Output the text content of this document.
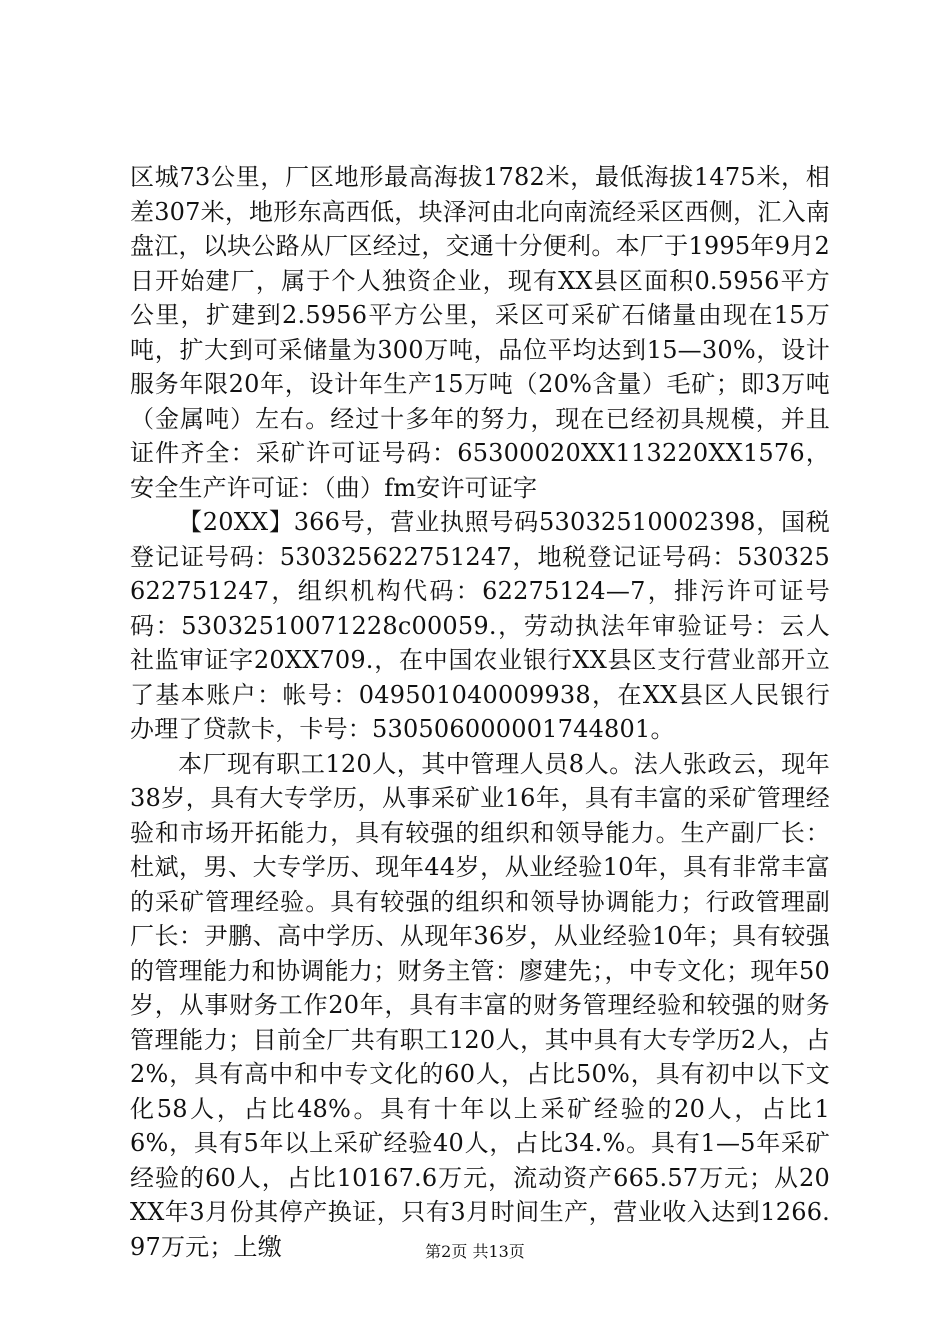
区城73公里，厂区地形最高海拔1782米，最低海拔1475米，相差307米，地形东高西低，块泽河由北向南流经采区西侧，汇入南盘江，以块公路从厂区经过，交通十分便利。本厂于1995年9月2日开始建厂，属于个人独资企业，现有XX县区面积0.5956平方公里，扩建到2.5956平方公里，采区可采矿石储量由现在15万吨，扩大到可采储量为300万吨，品位平均达到15—30%，设计服务年限20年，设计年生产15万吨（20%含量）毛矿；即3万吨（金属吨）左右。经过十多年的努力，现在已经初具规模，并且证件齐全：采矿许可证号码：65300020XX113220XX1576，安全生产许可证：（曲）fm安许可证字

【20XX】366号，营业执照号码53032510002398，国税登记证号码：530325622751247，地税登记证号码：530325622751247，组织机构代码：62275124—7，排污许可证号码：53032510071228c00059.，劳动执法年审验证号：云人社监审证字20XX709.，在中国农业银行XX县区支行营业部开立了基本账户：帐号：049501040009938，在XX县区人民银行办理了贷款卡，卡号：530506000001744801。

本厂现有职工120人，其中管理人员8人。法人张政云，现年38岁，具有大专学历，从事采矿业16年，具有丰富的采矿管理经验和市场开拓能力，具有较强的组织和领导能力。生产副厂长：杜斌，男、大专学历、现年44岁，从业经验10年，具有非常丰富的采矿管理经验。具有较强的组织和领导协调能力；行政管理副厂长：尹鹏、高中学历、从现年36岁，从业经验10年；具有较强的管理能力和协调能力；财务主管：廖建先；，中专文化；现年50岁，从事财务工作20年，具有丰富的财务管理经验和较强的财务管理能力；目前全厂共有职工120人，其中具有大专学历2人，占2%，具有高中和中专文化的60人，占比50%，具有初中以下文化58人，占比48%。具有十年以上采矿经验的20人，占比16%，具有5年以上采矿经验40人，占比34.%。具有1—5年采矿经验的60人，占比10167.6万元，流动资产665.57万元；从20XX年3月份其停产换证，只有3月时间生产，营业收入达到1266.97万元；上缴	第2页 共13页
